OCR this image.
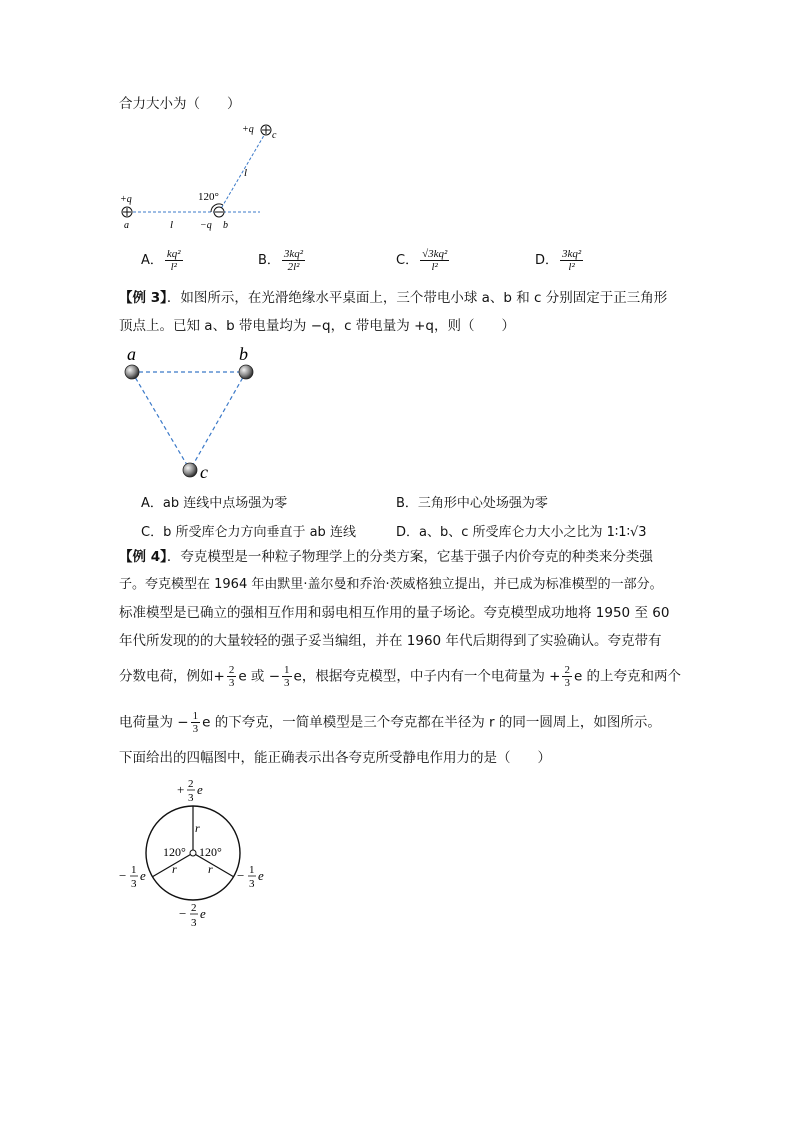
合力大小为（　　）
+q
c
l
120°
+q
a	l	−q b
A． $\frac{\text{kq²}}{\text{l²}}$	B． $\frac{\text{3kq²}}{\text{2l²}}$	C． $\frac{\text{√3kq²}}{\text{l²}}$	D． $\frac{\text{3kq²}}{\text{l²}}$
【例 3】．如图所示，在光滑绝缘水平桌面上，三个带电小球 a、b 和 c 分别固定于正三角形
顶点上。已知 a、b 带电量均为 −q，c 带电量为 +q，则（　　）
a	b
c
A．ab 连线中点场强为零	B．三角形中心处场强为零
C．b 所受库仑力方向垂直于 ab 连线	D．a、b、c 所受库仑力大小之比为 1∶1∶√3
【例 4】．夸克模型是一种粒子物理学上的分类方案，它基于强子内价夸克的种类来分类强
子。夸克模型在 1964 年由默里·盖尔曼和乔治·茨威格独立提出，并已成为标准模型的一部分。
标准模型是已确立的强相互作用和弱电相互作用的量子场论。夸克模型成功地将 1950 至 60
年代所发现的的大量较轻的强子妥当编组，并在 1960 年代后期得到了实验确认。夸克带有
分数电荷，例如+ $\frac{2}{3}$ e 或 − $\frac{1}{3}$ e，根据夸克模型，中子内有一个电荷量为 + $\frac{2}{3}$ e 的上夸克和两个
电荷量为 − $\frac{1}{3}$ e 的下夸克，一简单模型是三个夸克都在半径为 r 的同一圆周上，如图所示。
下面给出的四幅图中，能正确表示出各夸克所受静电作用力的是（　　）
120° 120°
r
r	r
+ 2
3
e
− 1
3
e	− 1
3
e
− 2
3
e
